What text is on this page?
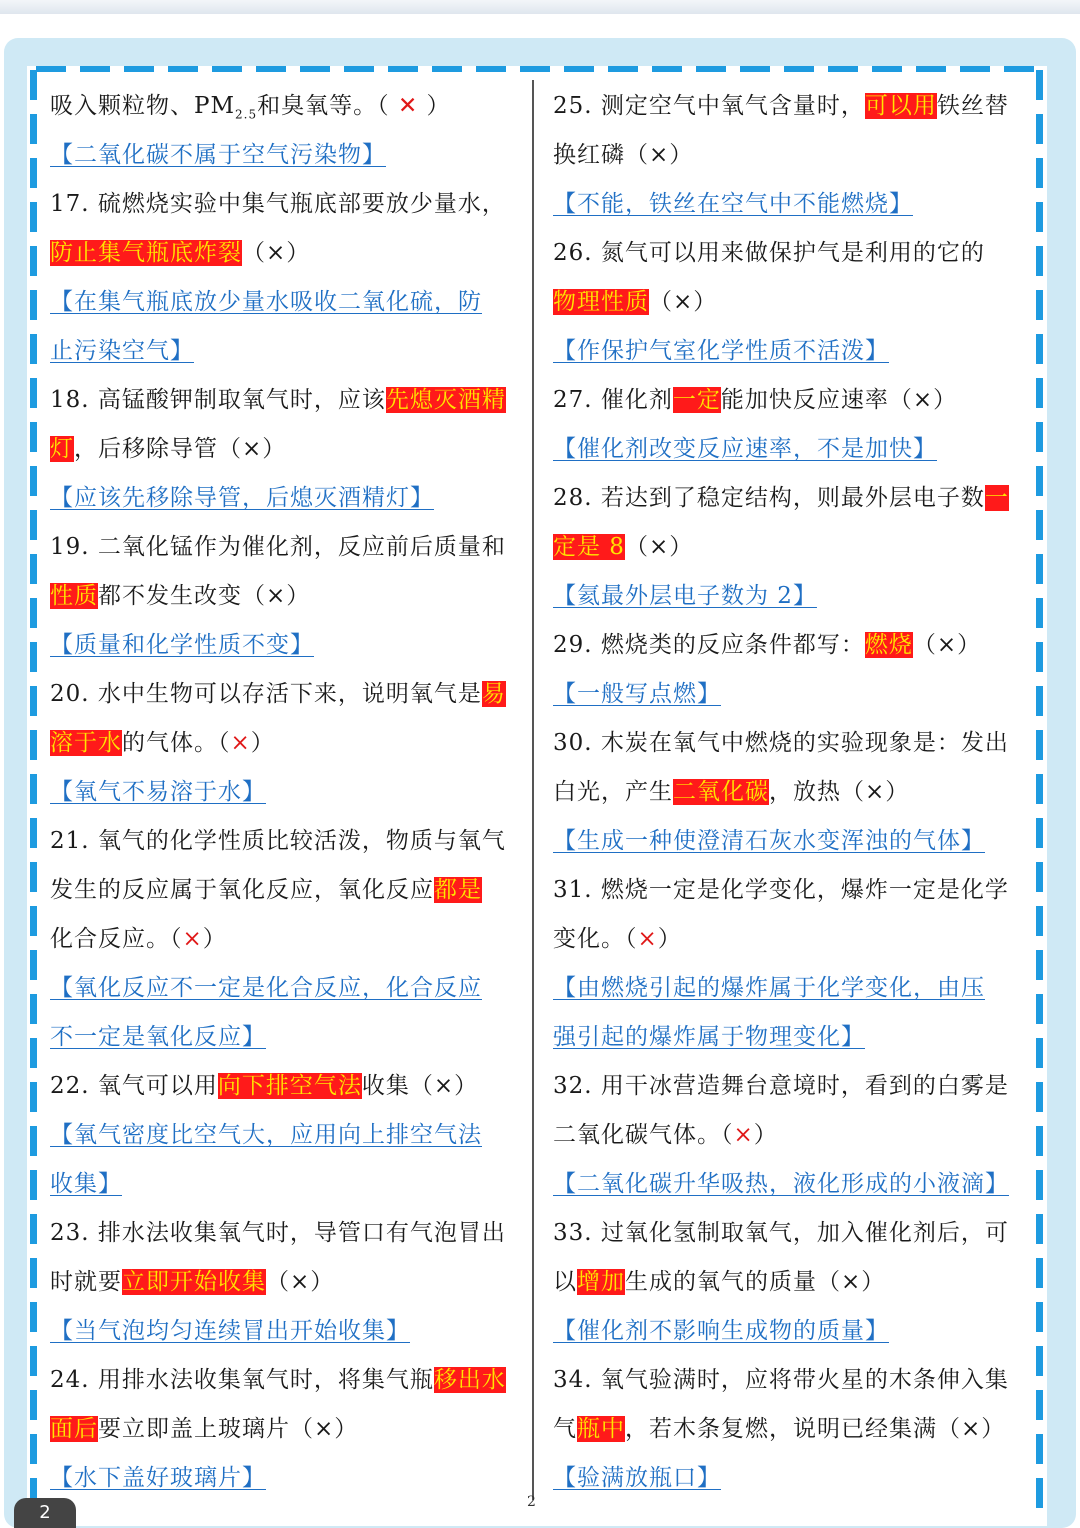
吸入颗粒物、$PM_{2.5}$和臭氧等。（ ✕ ）
【二氧化碳不属于空气污染物】
17. 硫燃烧实验中集气瓶底部要放少量水，
防止集气瓶底炸裂（×）
【在集气瓶底放少量水吸收二氧化硫，防
止污染空气】
18. 高锰酸钾制取氧气时，应该先熄灭酒精
灯，后移除导管（×）
【应该先移除导管，后熄灭酒精灯】
19. 二氧化锰作为催化剂，反应前后质量和
性质都不发生改变（×）
【质量和化学性质不变】
20. 水中生物可以存活下来，说明氧气是易
溶于水的气体。（×）
【氧气不易溶于水】
21. 氧气的化学性质比较活泼，物质与氧气
发生的反应属于氧化反应，氧化反应都是
化合反应。（×）
【氧化反应不一定是化合反应，化合反应
不一定是氧化反应】
22. 氧气可以用向下排空气法收集（×）
【氧气密度比空气大，应用向上排空气法
收集】
23. 排水法收集氧气时，导管口有气泡冒出
时就要立即开始收集（×）
【当气泡均匀连续冒出开始收集】
24. 用排水法收集氧气时，将集气瓶移出水
面后要立即盖上玻璃片（×）
【水下盖好玻璃片】
25. 测定空气中氧气含量时，可以用铁丝替
换红磷（×）
【不能，铁丝在空气中不能燃烧】
26. 氮气可以用来做保护气是利用的它的
物理性质（×）
【作保护气室化学性质不活泼】
27. 催化剂一定能加快反应速率（×）
【催化剂改变反应速率，不是加快】
28. 若达到了稳定结构，则最外层电子数一
定是 8（×）
【氦最外层电子数为 2】
29. 燃烧类的反应条件都写：燃烧（×）
【一般写点燃】
30. 木炭在氧气中燃烧的实验现象是：发出
白光，产生二氧化碳，放热（×）
【生成一种使澄清石灰水变浑浊的气体】
31. 燃烧一定是化学变化，爆炸一定是化学
变化。（×）
【由燃烧引起的爆炸属于化学变化，由压
强引起的爆炸属于物理变化】
32. 用干冰营造舞台意境时，看到的白雾是
二氧化碳气体。（×）
【二氧化碳升华吸热，液化形成的小液滴】
33. 过氧化氢制取氧气，加入催化剂后，可
以增加生成的氧气的质量（×）
【催化剂不影响生成物的质量】
34. 氧气验满时，应将带火星的木条伸入集
气瓶中，若木条复燃，说明已经集满（×）
【验满放瓶口】
2
2
